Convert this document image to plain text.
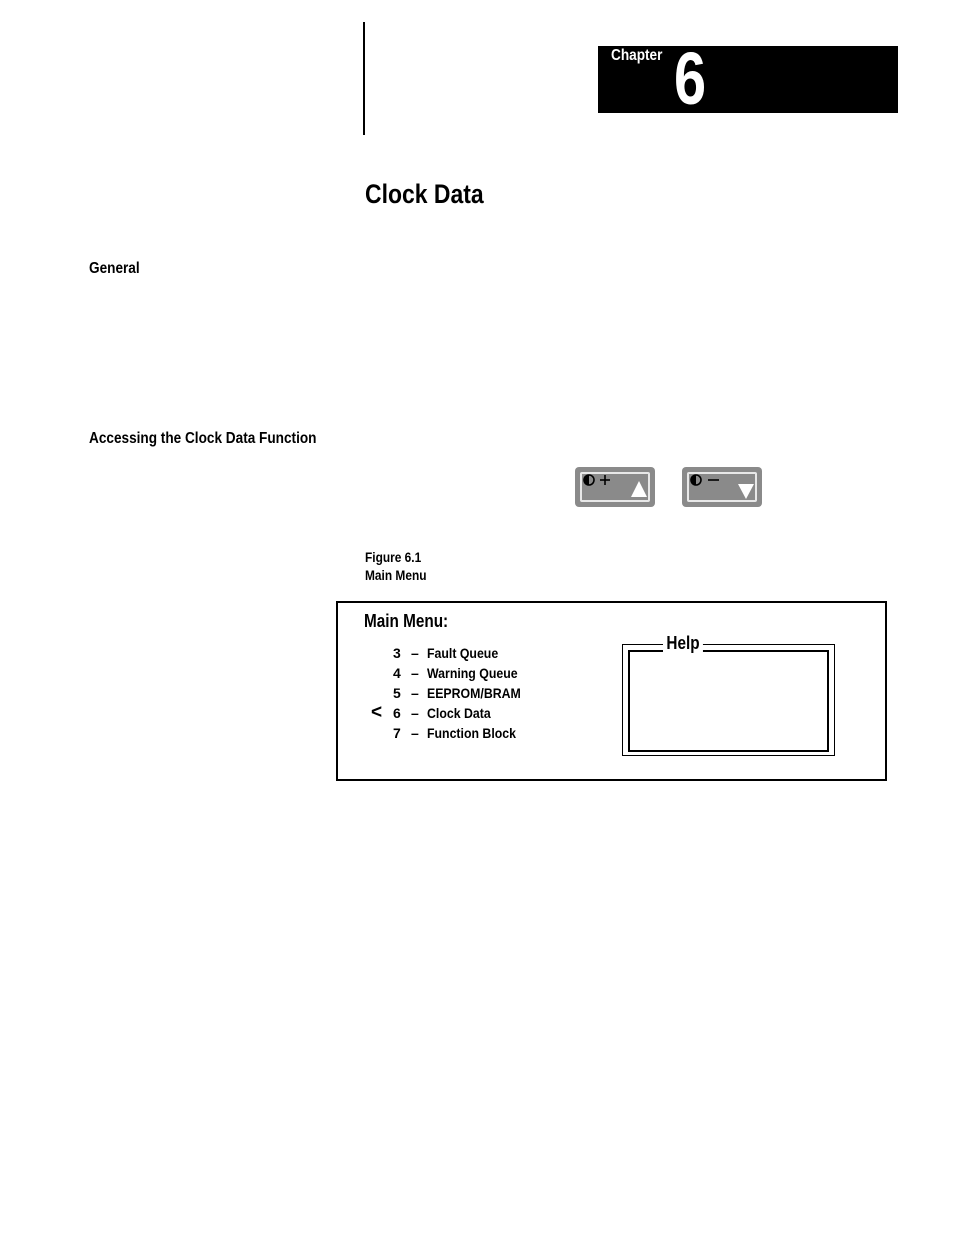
Chapter 6
Clock Data
General
Accessing the Clock Data Function
Figure 6.1
Main Menu
Main Menu:
3 – Fault Queue
4 – Warning Queue
5 – EEPROM/BRAM
< 6 – Clock Data
7 – Function Block
Help
